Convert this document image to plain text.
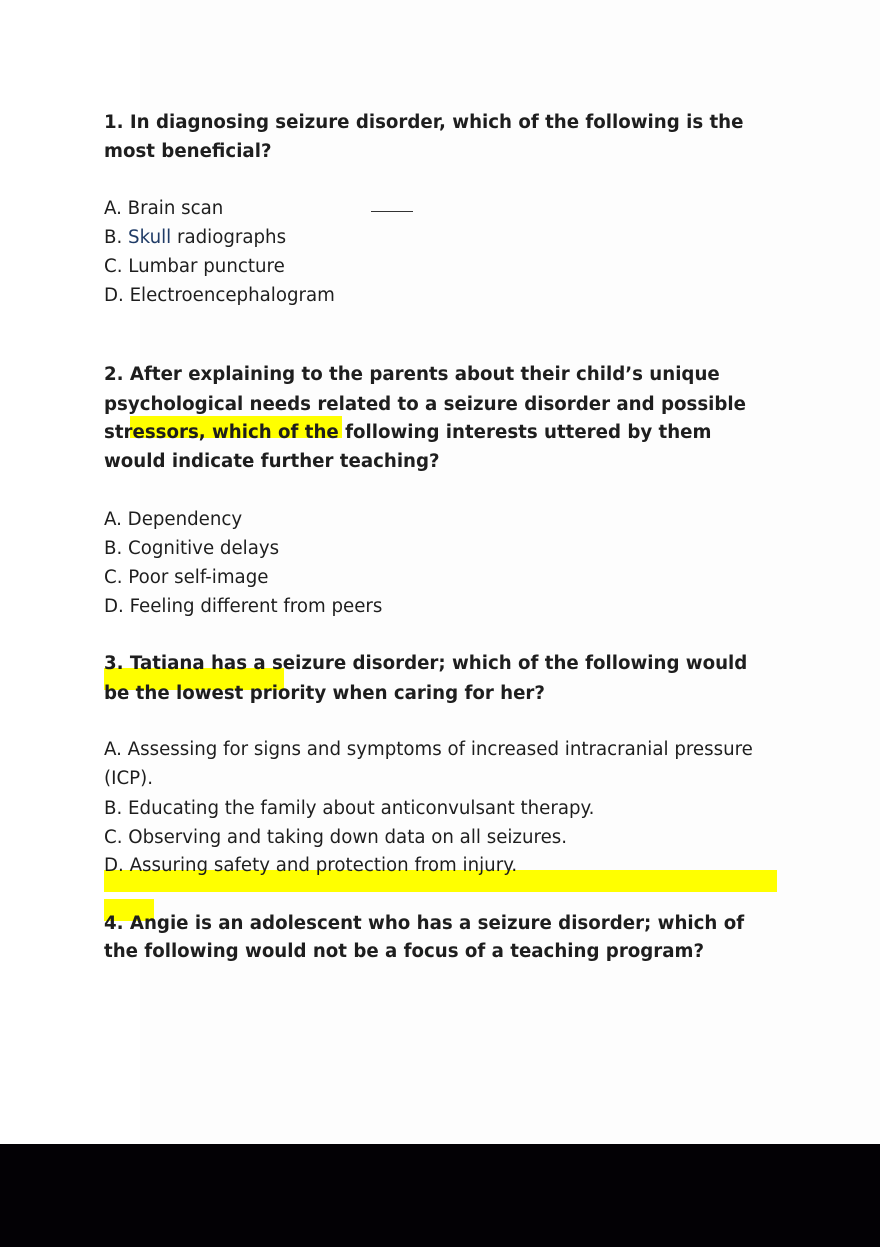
1. In diagnosing seizure disorder, which of the following is the
most beneficial?
A. Brain scan
B. Skull radiographs
C. Lumbar puncture
D. Electroencephalogram
2. After explaining to the parents about their child’s unique
psychological needs related to a seizure disorder and possible
stressors, which of the following interests uttered by them
would indicate further teaching?
A. Dependency
B. Cognitive delays
C. Poor self-image
D. Feeling different from peers
3. Tatiana has a seizure disorder; which of the following would
be the lowest priority when caring for her?
A. Assessing for signs and symptoms of increased intracranial pressure
(ICP).
B. Educating the family about anticonvulsant therapy.
C. Observing and taking down data on all seizures.
D. Assuring safety and protection from injury.
4. Angie is an adolescent who has a seizure disorder; which of
the following would not be a focus of a teaching program?
